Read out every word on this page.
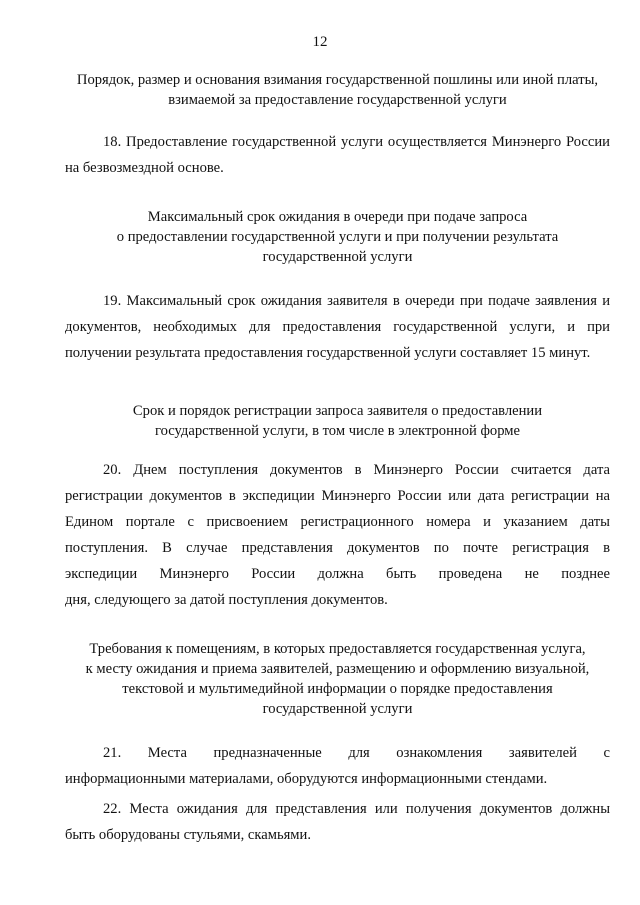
12
Порядок, размер и основания взимания государственной пошлины или иной платы,
взимаемой за предоставление государственной услуги
18. Предоставление государственной услуги осуществляется Минэнерго России
на безвозмездной основе.
Максимальный срок ожидания в очереди при подаче запроса
о предоставлении государственной услуги и при получении результата
государственной услуги
19. Максимальный срок ожидания заявителя в очереди при подаче заявления и
документов, необходимых для предоставления государственной услуги, и при
получении результата предоставления государственной услуги составляет 15 минут.
Срок и порядок регистрации запроса заявителя о предоставлении
государственной услуги, в том числе в электронной форме
20. Днем поступления документов в Минэнерго России считается дата
регистрации документов в экспедиции Минэнерго России или дата регистрации на
Едином портале с присвоением регистрационного номера и указанием даты
поступления. В случае представления документов по почте регистрация в
экспедиции Минэнерго России должна быть проведена не позднее
дня, следующего за датой поступления документов.
Требования к помещениям, в которых предоставляется государственная услуга,
к месту ожидания и приема заявителей, размещению и оформлению визуальной,
текстовой и мультимедийной информации о порядке предоставления
государственной услуги
21. Места предназначенные для ознакомления заявителей с
информационными материалами, оборудуются информационными стендами.
22. Места ожидания для представления или получения документов должны
быть оборудованы стульями, скамьями.
